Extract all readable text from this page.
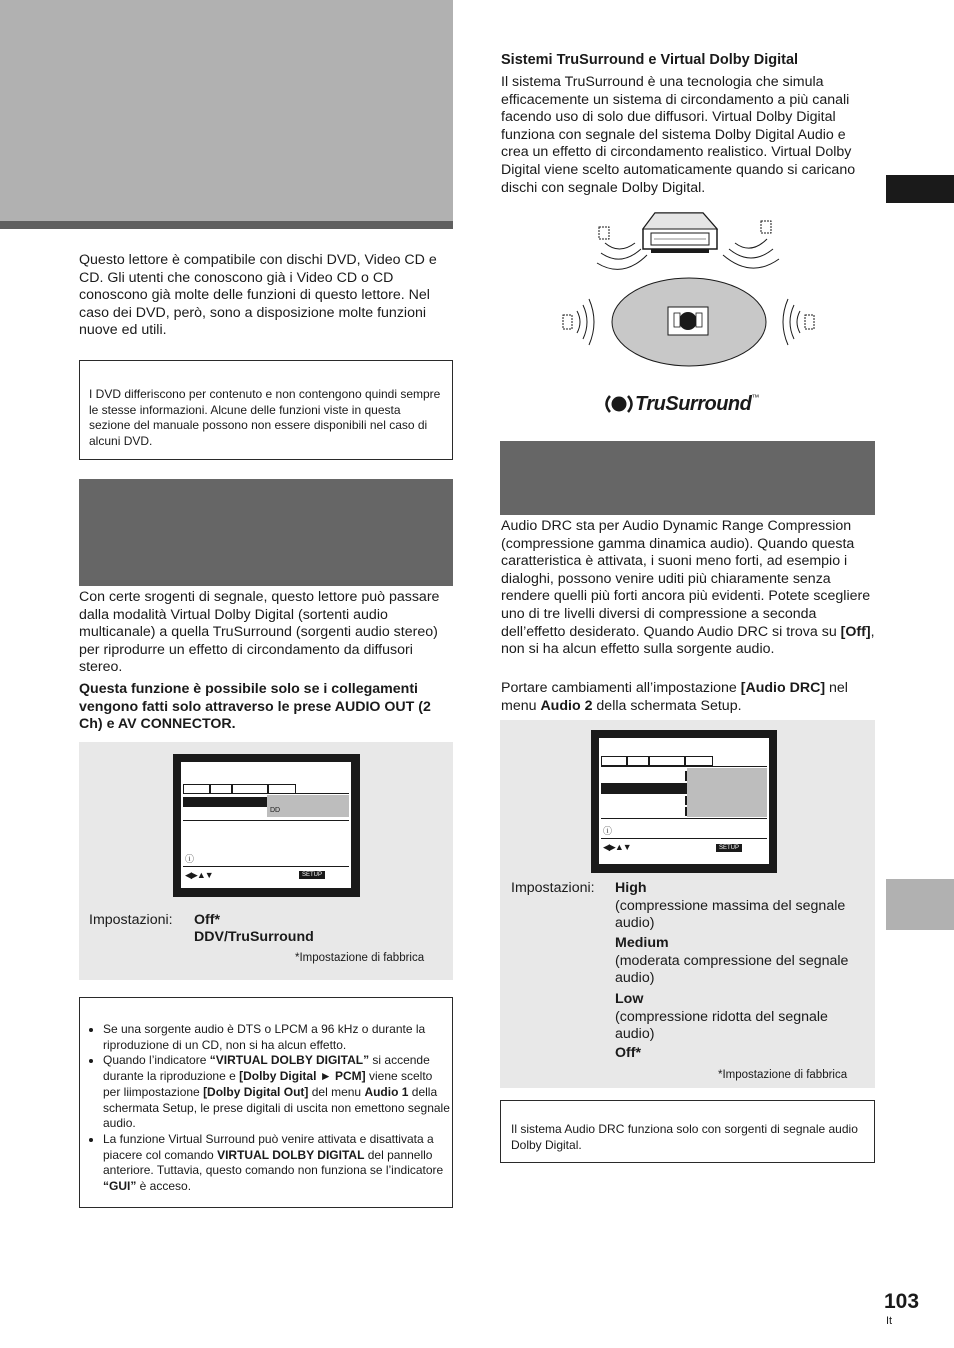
Questo lettore è compatibile con dischi DVD, Video CD e CD. Gli utenti che conoscono già i Video CD o CD conoscono già molte delle funzioni di questo lettore. Nel caso dei DVD, però, sono a disposizione molte funzioni nuove ed utili.

I DVD differiscono per contenuto e non contengono quindi sempre le stesse informazioni. Alcune delle funzioni viste in questa sezione del manuale possono non essere disponibili nel caso di alcuni DVD.

Con certe srogenti di segnale, questo lettore può passare dalla modalità Virtual Dolby Digital (sortenti audio multicanale) a quella TruSurround (sorgenti audio stereo) per riprodurre un effetto di circondamento da diffusori stereo.

Questa funzione è possibile solo se i collegamenti vengono fatti solo attraverso le prese AUDIO OUT (2 Ch) e AV CONNECTOR.

DD
ⓘ
◀▶▲▼	SETUP
Impostazioni: Off*
DDV/TruSurround
*Impostazione di fabbrica
• Se una sorgente audio è DTS o LPCM a 96 kHz o durante la riproduzione di un CD, non si ha alcun effetto.
• Quando l’indicatore “VIRTUAL DOLBY DIGITAL” si accende durante la riproduzione e [Dolby Digital ► PCM] viene scelto per liimpostazione [Dolby Digital Out] del menu Audio 1 della schermata Setup, le prese digitali di uscita non emettono segnale audio.
• La funzione Virtual Surround può venire attivata e disattivata a piacere col comando VIRTUAL DOLBY DIGITAL del pannello anteriore. Tuttavia, questo comando non funziona se l’indicatore “GUI” è acceso.
Sistemi TruSurround e Virtual Dolby Digital

Il sistema TruSurround è una tecnologia che simula efficacemente un sistema di circondamento a più canali facendo uso di solo due diffusori. Virtual Dolby Digital funziona con segnale del sistema Dolby Digital Audio e crea un effetto di circondamento realistico. Virtual Dolby Digital viene scelto automaticamente quando si caricano dischi con segnale Dolby Digital.

TruSurround ™

Audio DRC sta per Audio Dynamic Range Compression (compressione gamma dinamica audio). Quando questa caratteristica è attivata, i suoni meno forti, ad esempio i dialoghi, possono venire uditi più chiaramente senza rendere quelli più forti ancora più evidenti. Potete scegliere uno di tre livelli diversi di compressione a seconda dell’effetto desiderato. Quando Audio DRC si trova su [Off], non si ha alcun effetto sulla sorgente audio.

Portare cambiamenti all’impostazione [Audio DRC] nel menu Audio 2 della schermata Setup.

ⓘ
◀▶▲▼	SETUP
Impostazioni: High
(compressione massima del segnale audio)
Medium
(moderata compressione del segnale audio)
Low
(compressione ridotta del segnale audio)
Off*
*Impostazione di fabbrica

Il sistema Audio DRC funziona solo con sorgenti di segnale audio Dolby Digital.

103
It
